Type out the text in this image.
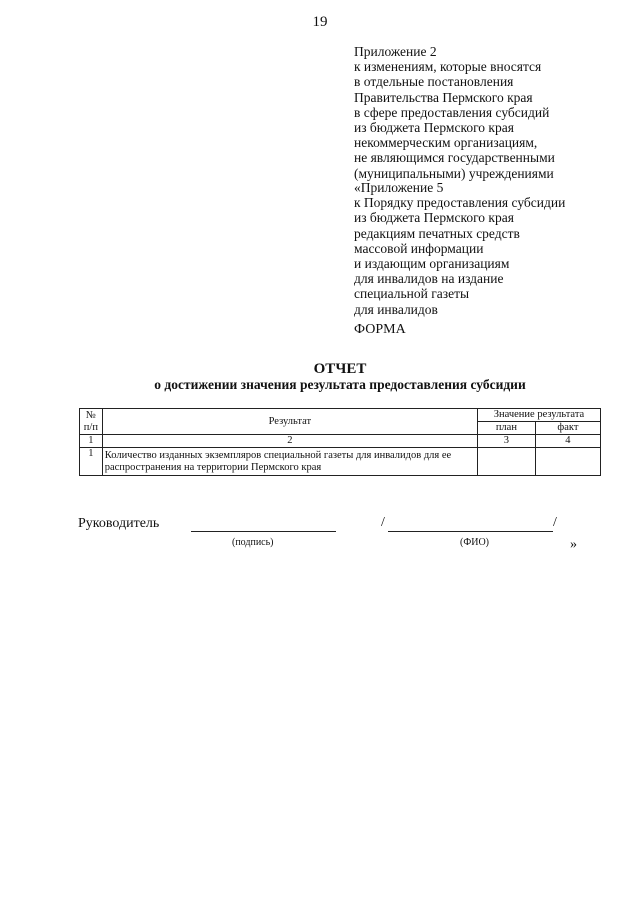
19
Приложение 2
к изменениям, которые вносятся
в отдельные постановления
Правительства Пермского края
в сфере предоставления субсидий
из бюджета Пермского края
некоммерческим организациям,
не являющимся государственными
(муниципальными) учреждениями
«Приложение 5
к Порядку предоставления субсидии
из бюджета Пермского края
редакциям печатных средств
массовой информации
и издающим организациям
для инвалидов на издание
специальной газеты
для инвалидов
ФОРМА
ОТЧЕТ
о достижении значения результата предоставления субсидии
№ п/п	Результат	Значение результата	
		план	факт
1	2	3	4
1	Количество изданных экземпляров специальной газеты для инвалидов для ее распространения на территории Пермского края		
Руководитель
(подпись)
/	/
(ФИО)	»
